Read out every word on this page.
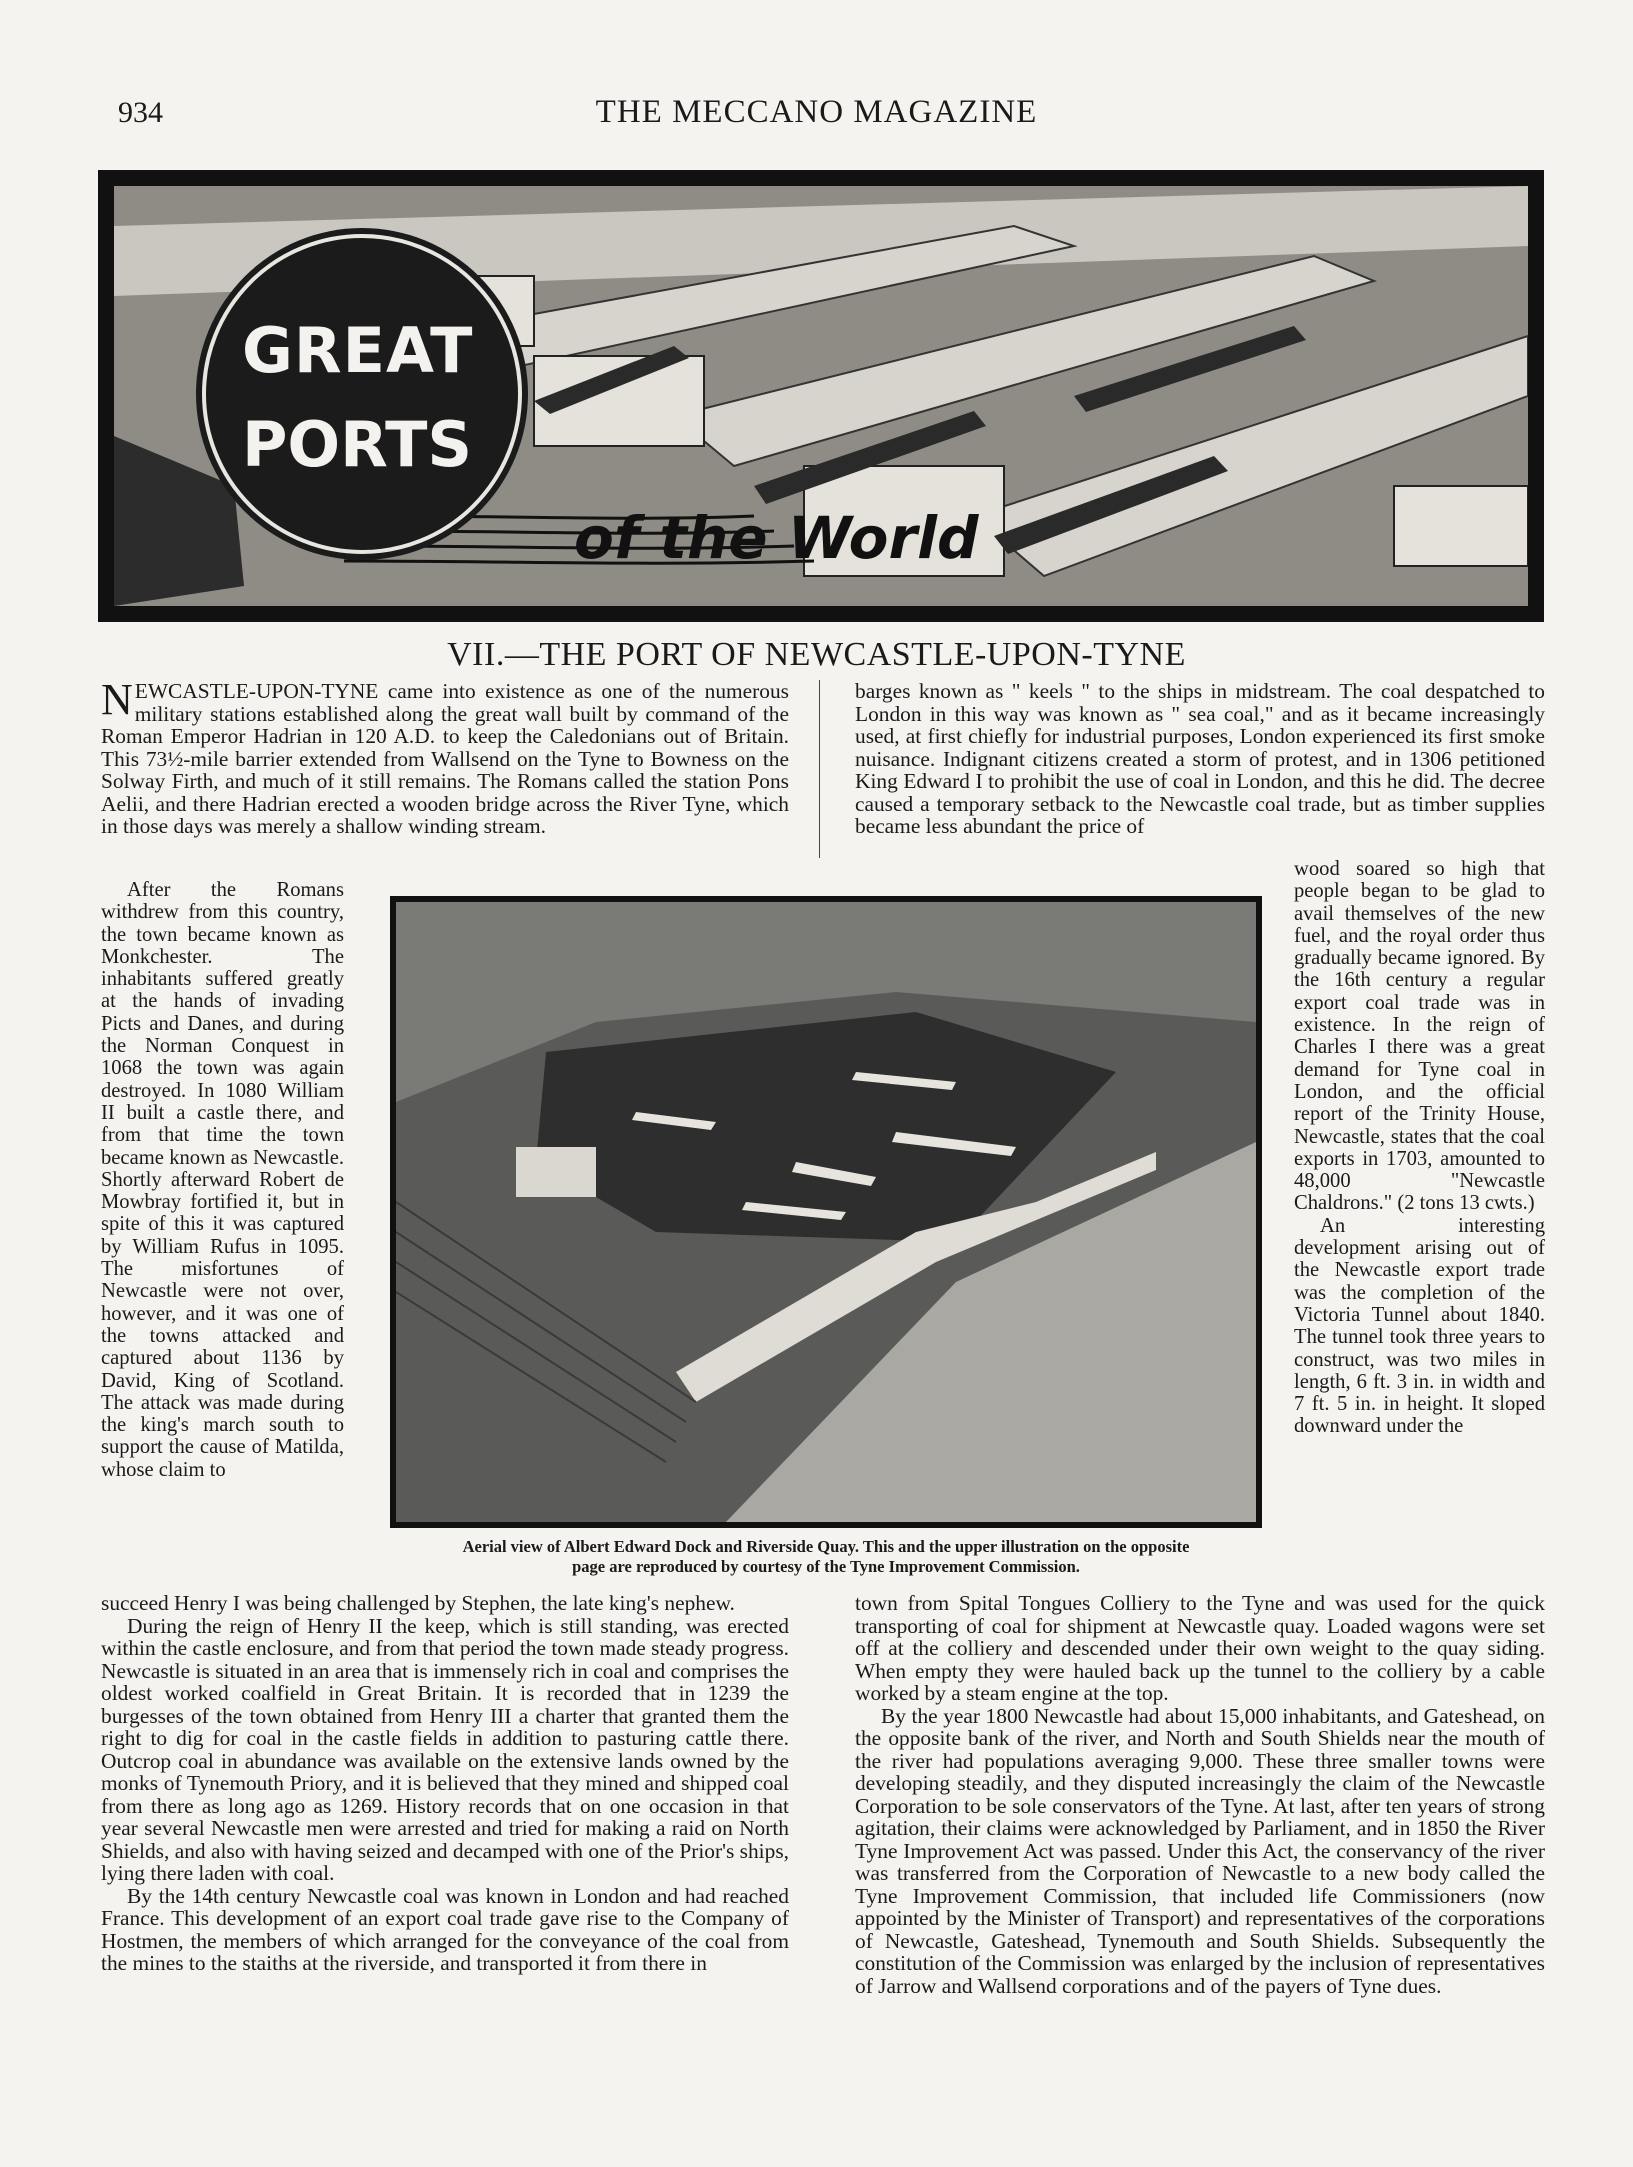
934	THE MECCANO MAGAZINE
GREAT
PORTS
of the World
VII.—THE PORT OF NEWCASTLE-UPON-TYNE

NEWCASTLE-UPON-TYNE came into existence as one of the numerous military stations established along the great wall built by command of the Roman Emperor Hadrian in 120 A.D. to keep the Caledonians out of Britain. This 73½-mile barrier extended from Wallsend on the Tyne to Bowness on the Solway Firth, and much of it still remains. The Romans called the station Pons Aelii, and there Hadrian erected a wooden bridge across the River Tyne, which in those days was merely a shallow winding stream.

After the Romans withdrew from this country, the town became known as Monkchester. The inhabitants suffered greatly at the hands of invading Picts and Danes, and during the Norman Conquest in 1068 the town was again destroyed. In 1080 William II built a castle there, and from that time the town became known as Newcastle. Shortly afterward Robert de Mowbray fortified it, but in spite of this it was captured by William Rufus in 1095. The misfortunes of Newcastle were not over, however, and it was one of the towns attacked and captured about 1136 by David, King of Scotland. The attack was made during the king's march south to support the cause of Matilda, whose claim to

barges known as " keels " to the ships in midstream. The coal despatched to London in this way was known as " sea coal," and as it became increasingly used, at first chiefly for industrial purposes, London experienced its first smoke nuisance. Indignant citizens created a storm of protest, and in 1306 petitioned King Edward I to prohibit the use of coal in London, and this he did. The decree caused a temporary setback to the Newcastle coal trade, but as timber supplies became less abundant the price of

wood soared so high that people began to be glad to avail themselves of the new fuel, and the royal order thus gradually became ignored. By the 16th century a regular export coal trade was in existence. In the reign of Charles I there was a great demand for Tyne coal in London, and the official report of the Trinity House, Newcastle, states that the coal exports in 1703, amounted to 48,000 "Newcastle Chaldrons." (2 tons 13 cwts.)

An interesting development arising out of the Newcastle export trade was the completion of the Victoria Tunnel about 1840. The tunnel took three years to construct, was two miles in length, 6 ft. 3 in. in width and 7 ft. 5 in. in height. It sloped downward under the

Aerial view of Albert Edward Dock and Riverside Quay. This and the upper illustration on the opposite
page are reproduced by courtesy of the Tyne Improvement Commission.

succeed Henry I was being challenged by Stephen, the late king's nephew.

During the reign of Henry II the keep, which is still standing, was erected within the castle enclosure, and from that period the town made steady progress. Newcastle is situated in an area that is immensely rich in coal and comprises the oldest worked coalfield in Great Britain. It is recorded that in 1239 the burgesses of the town obtained from Henry III a charter that granted them the right to dig for coal in the castle fields in addition to pasturing cattle there. Outcrop coal in abundance was available on the extensive lands owned by the monks of Tynemouth Priory, and it is believed that they mined and shipped coal from there as long ago as 1269. History records that on one occasion in that year several Newcastle men were arrested and tried for making a raid on North Shields, and also with having seized and decamped with one of the Prior's ships, lying there laden with coal.

By the 14th century Newcastle coal was known in London and had reached France. This development of an export coal trade gave rise to the Company of Hostmen, the members of which arranged for the conveyance of the coal from the mines to the staiths at the riverside, and transported it from there in

town from Spital Tongues Colliery to the Tyne and was used for the quick transporting of coal for shipment at Newcastle quay. Loaded wagons were set off at the colliery and descended under their own weight to the quay siding. When empty they were hauled back up the tunnel to the colliery by a cable worked by a steam engine at the top.

By the year 1800 Newcastle had about 15,000 inhabitants, and Gateshead, on the opposite bank of the river, and North and South Shields near the mouth of the river had populations averaging 9,000. These three smaller towns were developing steadily, and they disputed increasingly the claim of the Newcastle Corporation to be sole conservators of the Tyne. At last, after ten years of strong agitation, their claims were acknowledged by Parliament, and in 1850 the River Tyne Improvement Act was passed. Under this Act, the conservancy of the river was transferred from the Corporation of Newcastle to a new body called the Tyne Improvement Commission, that included life Commissioners (now appointed by the Minister of Transport) and representatives of the corporations of Newcastle, Gateshead, Tynemouth and South Shields. Subsequently the constitution of the Commission was enlarged by the inclusion of representatives of Jarrow and Wallsend corporations and of the payers of Tyne dues.
